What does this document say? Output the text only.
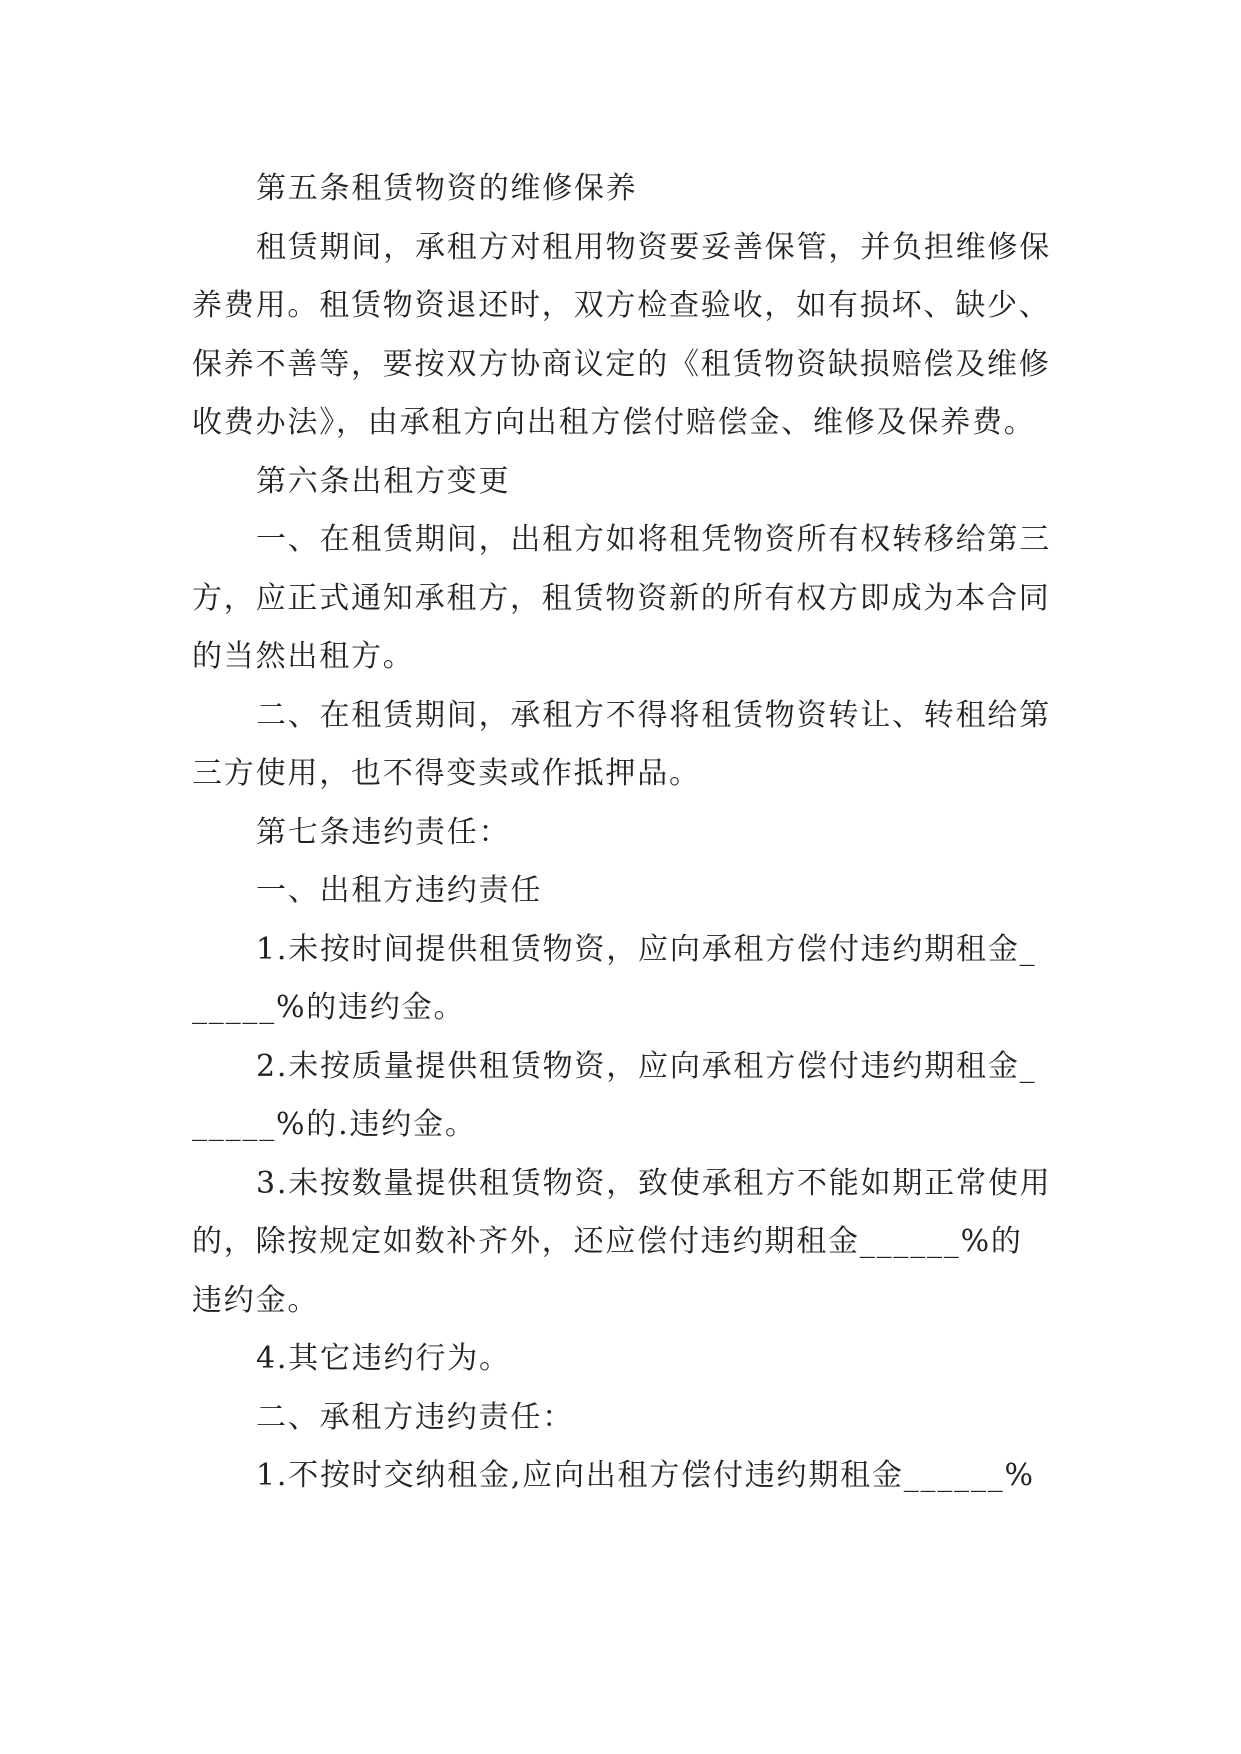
第五条租赁物资的维修保养

租赁期间，承租方对租用物资要妥善保管，并负担维修保养费用。租赁物资退还时，双方检查验收，如有损坏、缺少、保养不善等，要按双方协商议定的《租赁物资缺损赔偿及维修收费办法》，由承租方向出租方偿付赔偿金、维修及保养费。

第六条出租方变更

一、在租赁期间，出租方如将租凭物资所有权转移给第三方，应正式通知承租方，租赁物资新的所有权方即成为本合同的当然出租方。

二、在租赁期间，承租方不得将租赁物资转让、转租给第三方使用，也不得变卖或作抵押品。

第七条违约责任：

一、出租方违约责任

1.未按时间提供租赁物资，应向承租方偿付违约期租金______%的违约金。

2.未按质量提供租赁物资，应向承租方偿付违约期租金______%的.违约金。

3.未按数量提供租赁物资，致使承租方不能如期正常使用的，除按规定如数补齐外，还应偿付违约期租金______%的违约金。

4.其它违约行为。

二、承租方违约责任：

1.不按时交纳租金,应向出租方偿付违约期租金______%
